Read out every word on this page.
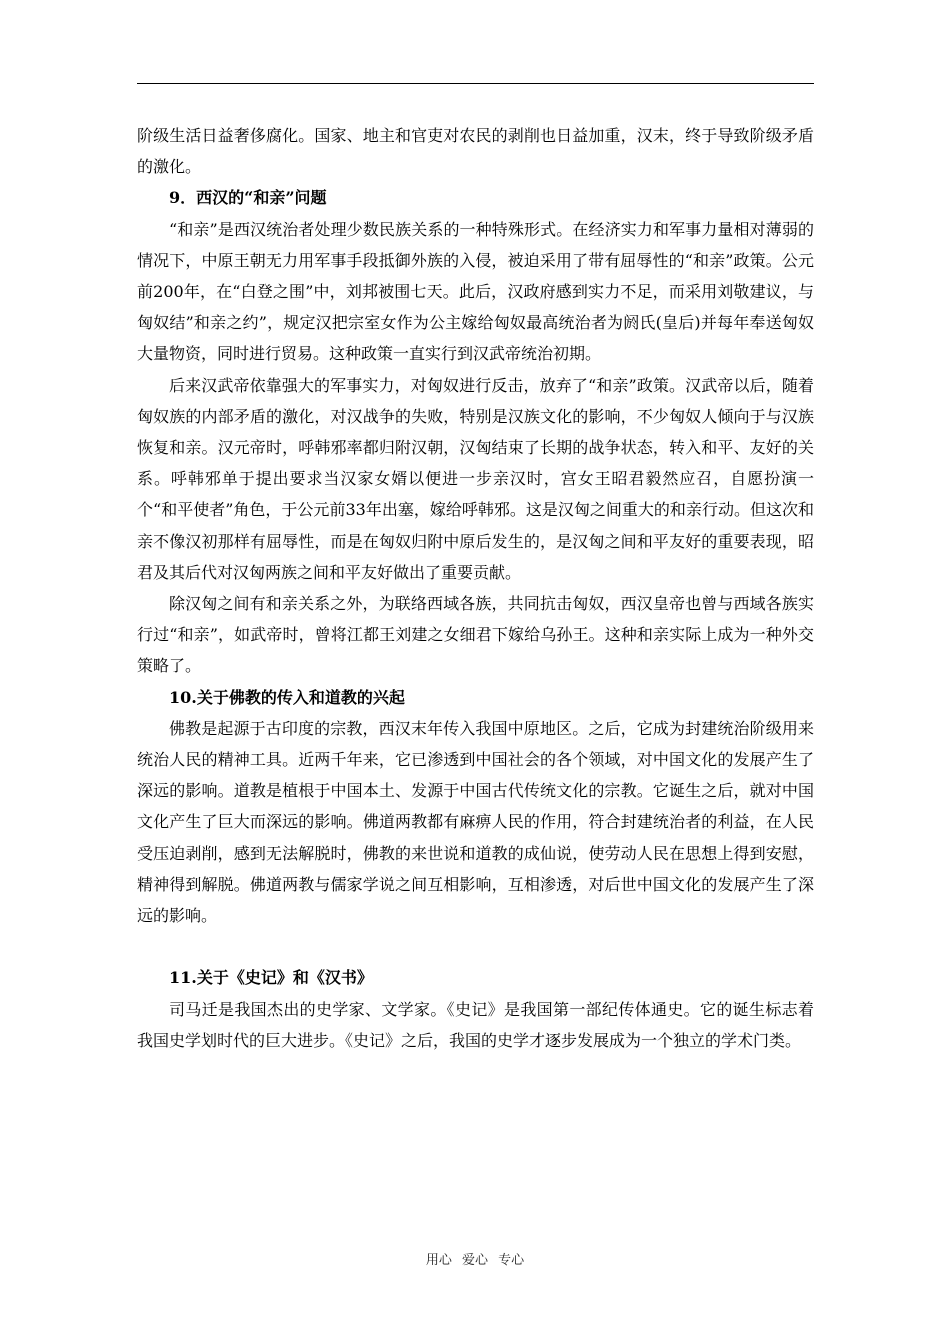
阶级生活日益奢侈腐化。国家、地主和官吏对农民的剥削也日益加重，汉末，终于导致阶级矛盾的激化。

9．西汉的“和亲”问题

“和亲”是西汉统治者处理少数民族关系的一种特殊形式。在经济实力和军事力量相对薄弱的情况下，中原王朝无力用军事手段抵御外族的入侵，被迫采用了带有屈辱性的“和亲”政策。公元前200年，在“白登之围”中，刘邦被围七天。此后，汉政府感到实力不足，而采用刘敬建议，与匈奴结”和亲之约”，规定汉把宗室女作为公主嫁给匈奴最高统治者为阏氏(皇后)并每年奉送匈奴大量物资，同时进行贸易。这种政策一直实行到汉武帝统治初期。

后来汉武帝依靠强大的军事实力，对匈奴进行反击，放弃了“和亲”政策。汉武帝以后，随着匈奴族的内部矛盾的激化，对汉战争的失败，特别是汉族文化的影响，不少匈奴人倾向于与汉族恢复和亲。汉元帝时，呼韩邪率都归附汉朝，汉匈结束了长期的战争状态，转入和平、友好的关系。呼韩邪单于提出要求当汉家女婿以便进一步亲汉时，宫女王昭君毅然应召，自愿扮演一个“和平使者”角色，于公元前33年出塞，嫁给呼韩邪。这是汉匈之间重大的和亲行动。但这次和亲不像汉初那样有屈辱性，而是在匈奴归附中原后发生的，是汉匈之间和平友好的重要表现，昭君及其后代对汉匈两族之间和平友好做出了重要贡献。

除汉匈之间有和亲关系之外，为联络西域各族，共同抗击匈奴，西汉皇帝也曾与西域各族实行过“和亲”，如武帝时，曾将江都王刘建之女细君下嫁给乌孙王。这种和亲实际上成为一种外交策略了。

10.关于佛教的传入和道教的兴起

佛教是起源于古印度的宗教，西汉末年传入我国中原地区。之后，它成为封建统治阶级用来统治人民的精神工具。近两千年来，它已渗透到中国社会的各个领域，对中国文化的发展产生了深远的影响。道教是植根于中国本土、发源于中国古代传统文化的宗教。它诞生之后，就对中国文化产生了巨大而深远的影响。佛道两教都有麻痹人民的作用，符合封建统治者的利益，在人民受压迫剥削，感到无法解脱时，佛教的来世说和道教的成仙说，使劳动人民在思想上得到安慰，精神得到解脱。佛道两教与儒家学说之间互相影响，互相渗透，对后世中国文化的发展产生了深远的影响。

11.关于《史记》和《汉书》

司马迁是我国杰出的史学家、文学家。《史记》是我国第一部纪传体通史。它的诞生标志着我国史学划时代的巨大进步。《史记》之后，我国的史学才逐步发展成为一个独立的学术门类。

用心 爱心 专心
